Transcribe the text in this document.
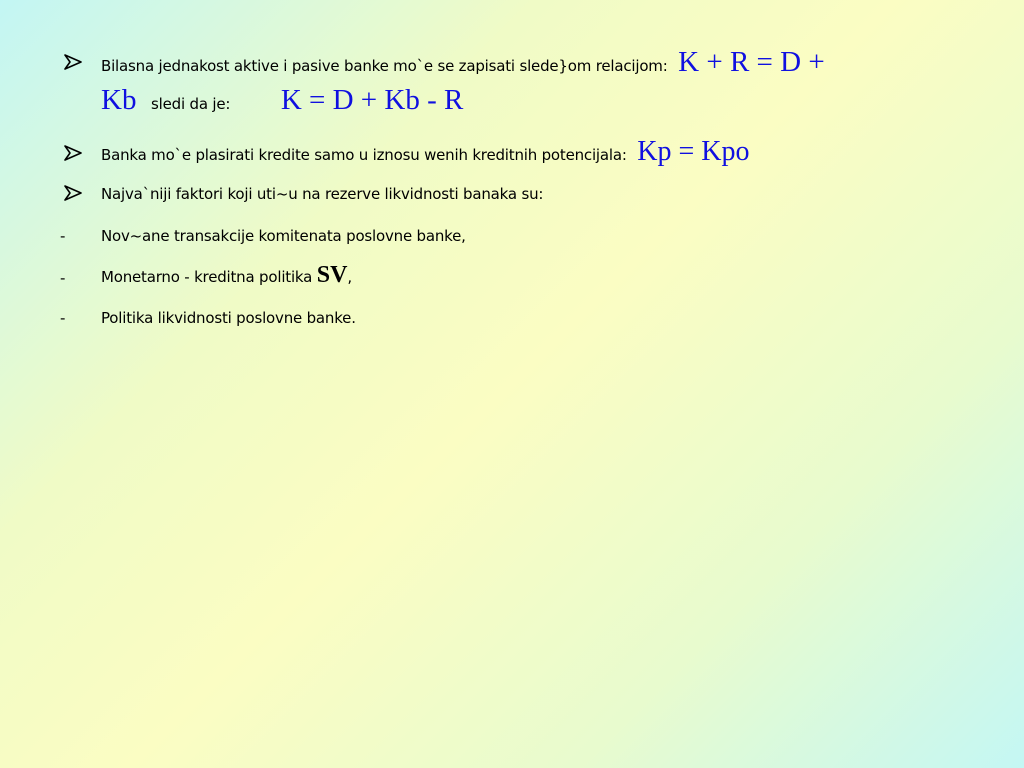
Bilasna jednakost aktive i pasive banke mo`e se zapisati slede}om relacijom: K + R = D +
Kb sledi da je: K = D + Kb - R
Banka mo`e plasirati kredite samo u iznosu wenih kreditnih potencijala: Kp = Kpo
Najva`niji faktori koji uti~u na rezerve likvidnosti banaka su:
- Nov~ane transakcije komitenata poslovne banke,
- Monetarno - kreditna politika SV,
- Politika likvidnosti poslovne banke.
